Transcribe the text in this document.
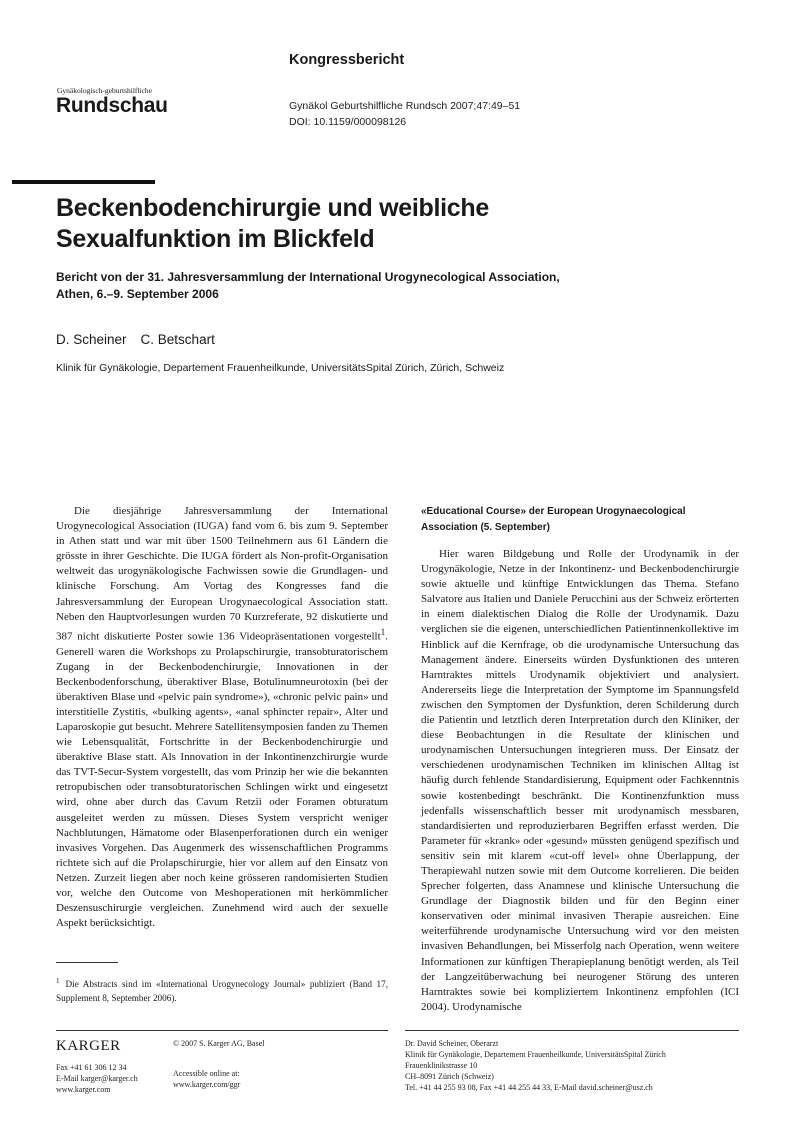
Kongressbericht
Gynäkologisch-geburtshilfliche
Rundschau	Gynäkol Geburtshilfliche Rundsch 2007;47:49–51
DOI: 10.1159/000098126
Beckenbodenchirurgie und weibliche
Sexualfunktion im Blickfeld
Bericht von der 31. Jahresversammlung der International Urogynecological Association,
Athen, 6.–9. September 2006
D. Scheiner C. Betschart
Klinik für Gynäkologie, Departement Frauenheilkunde, UniversitätsSpital Zürich, Zürich, Schweiz

Die diesjährige Jahresversammlung der International Urogynecological Association (IUGA) fand vom 6. bis zum 9. September in Athen statt und war mit über 1500 Teilnehmern aus 61 Ländern die grösste in ihrer Geschichte. Die IUGA fördert als Non-profit-Organisation weltweit das urogynäkologische Fachwissen sowie die Grundlagen- und klinische Forschung. Am Vortag des Kongresses fand die Jahresversammlung der European Urogynaecological Association statt. Neben den Hauptvorlesungen wurden 70 Kurzreferate, 92 diskutierte und 387 nicht diskutierte Poster sowie 136 Videopräsentationen vorgestellt$^1$. Generell waren die Workshops zu Prolapschirurgie, transobturatorischem Zugang in der Beckenbodenchirurgie, Innovationen in der Beckenbodenforschung, überaktiver Blase, Botulinumneurotoxin (bei der überaktiven Blase und «pelvic pain syndrome»), «chronic pelvic pain» und interstitielle Zystitis, «bulking agents», «anal sphincter repair», Alter und Laparoskopie gut besucht. Mehrere Satellitensymposien fanden zu Themen wie Lebensqualität, Fortschritte in der Beckenbodenchirurgie und überaktive Blase statt. Als Innovation in der Inkontinenzchirurgie wurde das TVT-Secur-System vorgestellt, das vom Prinzip her wie die bekannten retropubischen oder transobturatorischen Schlingen wirkt und eingesetzt wird, ohne aber durch das Cavum Retzii oder Foramen obturatum ausgeleitet werden zu müssen. Dieses System verspricht weniger Nachblutungen, Hämatome oder Blasenperforationen durch ein weniger invasives Vorgehen. Das Augenmerk des wissenschaftlichen Programms richtete sich auf die Prolapschirurgie, hier vor allem auf den Einsatz von Netzen. Zurzeit liegen aber noch keine grösseren randomisierten Studien vor, welche den Outcome von Meshoperationen mit herkömmlicher Deszensuschirurgie vergleichen. Zunehmend wird auch der sexuelle Aspekt berücksichtigt.

«Educational Course» der European Urogynaecological Association (5. September)

Hier waren Bildgebung und Rolle der Urodynamik in der Urogynäkologie, Netze in der Inkontinenz- und Beckenbodenchirurgie sowie aktuelle und künftige Entwicklungen das Thema. Stefano Salvatore aus Italien und Daniele Perucchini aus der Schweiz erörterten in einem dialektischen Dialog die Rolle der Urodynamik. Dazu verglichen sie die eigenen, unterschiedlichen Patientinnenkollektive im Hinblick auf die Kernfrage, ob die urodynamische Untersuchung das Management ändere. Einerseits würden Dysfunktionen des unteren Harntraktes mittels Urodynamik objektiviert und analysiert. Andererseits liege die Interpretation der Symptome im Spannungsfeld zwischen den Symptomen der Dysfunktion, deren Schilderung durch die Patientin und letztlich deren Interpretation durch den Kliniker, der diese Beobachtungen in die Resultate der klinischen und urodynamischen Untersuchungen integrieren muss. Der Einsatz der verschiedenen urodynamischen Techniken im klinischen Alltag ist häufig durch fehlende Standardisierung, Equipment oder Fachkenntnis sowie kostenbedingt beschränkt. Die Kontinenzfunktion muss jedenfalls wissenschaftlich besser mit urodynamisch messbaren, standardisierten und reproduzierbaren Begriffen erfasst werden. Die Parameter für «krank» oder «gesund» müssten genügend spezifisch und sensitiv sein mit klarem «cut-off level» ohne Überlappung, der Therapiewahl nutzen sowie mit dem Outcome korrelieren. Die beiden Sprecher folgerten, dass Anamnese und klinische Untersuchung die Grundlage der Diagnostik bilden und für den Beginn einer konservativen oder minimal invasiven Therapie ausreichen. Eine weiterführende urodynamische Untersuchung wird vor den meisten invasiven Behandlungen, bei Misserfolg nach Operation, wenn weitere Informationen zur künftigen Therapieplanung benötigt werden, als Teil der Langzeitüberwachung bei neurogener Störung des unteren Harntraktes sowie bei kompliziertem Inkontinenz empfohlen (ICI 2004). Urodynamische

$^1$ Die Abstracts sind im «International Urogynecology Journal» publiziert (Band 17, Supplement 8, September 2006).
KARGER
Fax +41 61 306 12 34
E-Mail karger@karger.ch
www.karger.com
© 2007 S. Karger AG, Basel
Accessible online at:
www.karger.com/ggr
Dr. David Scheiner, Oberarzt
Klinik für Gynäkologie, Departement Frauenheilkunde, UniversitätsSpital Zürich
Frauenklinikstrasse 10
CH–8091 Zürich (Schweiz)
Tel. +41 44 255 93 08, Fax +41 44 255 44 33, E-Mail david.scheiner@usz.ch
